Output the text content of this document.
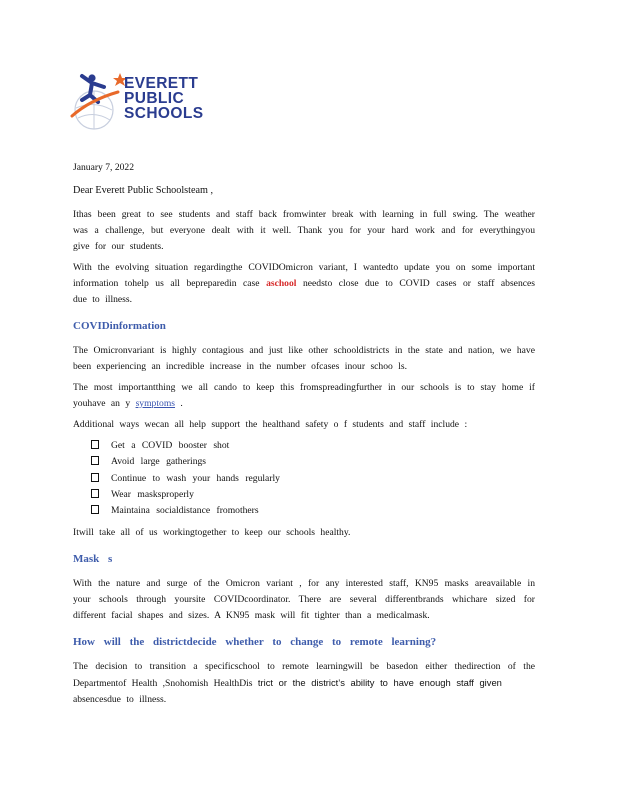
EVERETT
PUBLIC
SCHOOLS
January 7, 2022
Dear Everett Public Schoolsteam ,

Ithas been great to see students and staff back fromwinter break with learning in full swing. The weather was a challenge, but everyone dealt with it well. Thank you for your hard work and for everythingyou give for our students.

With the evolving situation regardingthe COVIDOmicron variant, I wantedto update you on some important information tohelp us all bepreparedin case aschool needsto close due to COVID cases or staff absences due to illness.

COVIDinformation

The Omicronvariant is highly contagious and just like other schooldistricts in the state and nation, we have been experiencing an incredible increase in the number ofcases inour schoo ls.

The most importantthing we all cando to keep this fromspreadingfurther in our schools is to stay home if youhave an y symptoms .

Additional ways wecan all help support the healthand safety o f students and staff include :

Get a COVID booster shot
Avoid large gatherings
Continue to wash your hands regularly
Wear masksproperly
Maintaina socialdistance fromothers

Itwill take all of us workingtogether to keep our schools healthy.

Mask s

With the nature and surge of the Omicron variant , for any interested staff, KN95 masks areavailable in your schools through yoursite COVIDcoordinator. There are several differentbrands whichare sized for different facial shapes and sizes. A KN95 mask will fit tighter than a medicalmask.

How will the districtdecide whether to change to remote learning?

The decision to transition a specificschool to remote learningwill be basedon either thedirection of the Departmentof Health ,Snohomish HealthDis trict or the district’s ability to have enough staff given
absencesdue to illness.
